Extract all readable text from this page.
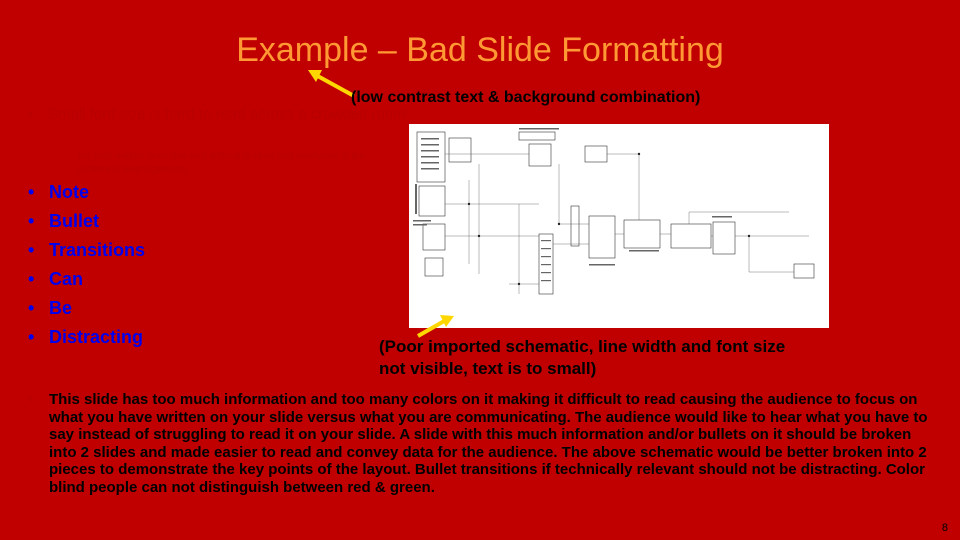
Example – Bad Slide Formatting
(low contrast text & background combination)
• Small font size is hard to read across a crowded room
– No bold makes lines thin and difficult to read (not everyone in the audience wears glasses)
• Note
• Bullet
• Transitions
• Can
• Be
• Distracting	(Poor imported schematic, line width and font size not visible, text is to small)
• This slide has too much information and too many colors on it making it difficult to read causing the audience to focus on what you have written on your slide versus what you are communicating. The audience would like to hear what you have to say instead of struggling to read it on your slide. A slide with this much information and/or bullets on it should be broken into 2 slides and made easier to read and convey data for the audience. The above schematic would be better broken into 2 pieces to demonstrate the key points of the layout. Bullet transitions if technically relevant should not be distracting. Color blind people can not distinguish between red & green.
8
